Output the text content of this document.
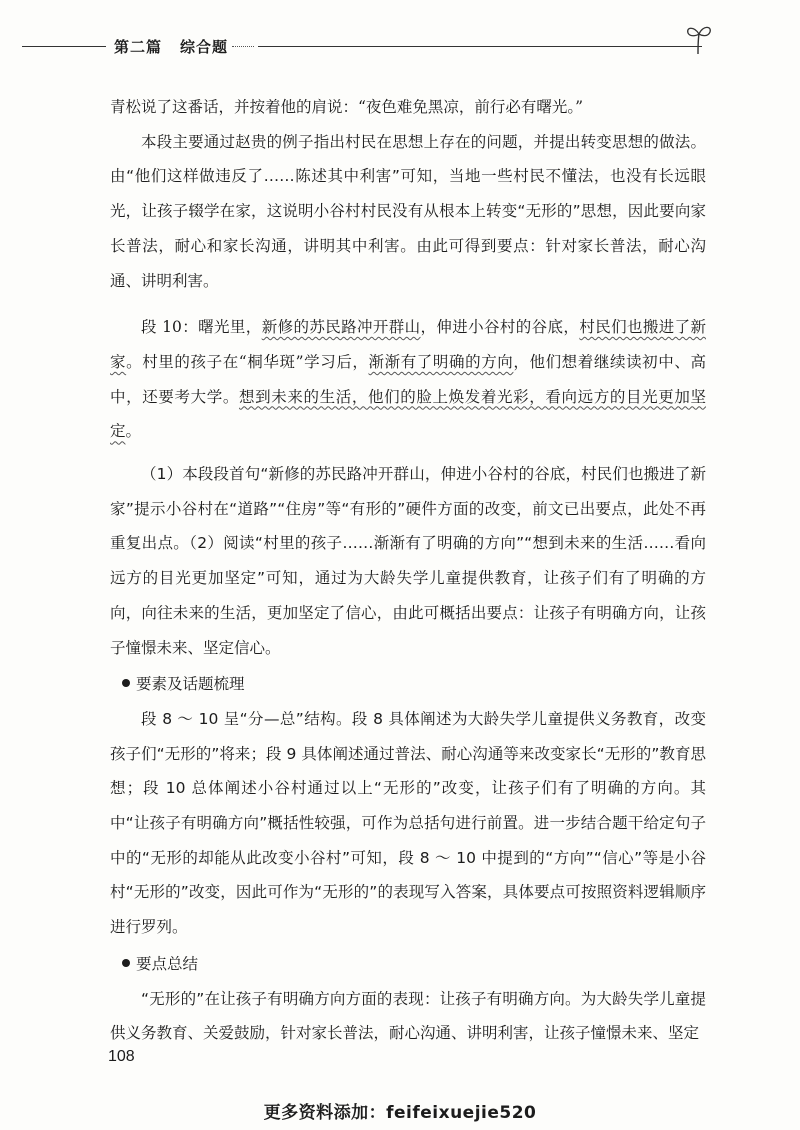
第二篇 综合题

青松说了这番话，并按着他的肩说：“夜色难免黑凉，前行必有曙光。”

本段主要通过赵贵的例子指出村民在思想上存在的问题，并提出转变思想的做法。由“他们这样做违反了……陈述其中利害”可知，当地一些村民不懂法，也没有长远眼光，让孩子辍学在家，这说明小谷村村民没有从根本上转变“无形的”思想，因此要向家长普法，耐心和家长沟通，讲明其中利害。由此可得到要点：针对家长普法，耐心沟通、讲明利害。

段 10：曙光里，新修的苏民路冲开群山，伸进小谷村的谷底，村民们也搬进了新家。村里的孩子在“桐华斑”学习后，渐渐有了明确的方向，他们想着继续读初中、高中，还要考大学。想到未来的生活，他们的脸上焕发着光彩，看向远方的目光更加坚定。

（1）本段段首句“新修的苏民路冲开群山，伸进小谷村的谷底，村民们也搬进了新家”提示小谷村在“道路”“住房”等“有形的”硬件方面的改变，前文已出要点，此处不再重复出点。（2）阅读“村里的孩子……渐渐有了明确的方向”“想到未来的生活……看向远方的目光更加坚定”可知，通过为大龄失学儿童提供教育，让孩子们有了明确的方向，向往未来的生活，更加坚定了信心，由此可概括出要点：让孩子有明确方向，让孩子憧憬未来、坚定信心。

要素及话题梳理

段 8 ～ 10 呈“分—总”结构。段 8 具体阐述为大龄失学儿童提供义务教育，改变孩子们“无形的”将来；段 9 具体阐述通过普法、耐心沟通等来改变家长“无形的”教育思想；段 10 总体阐述小谷村通过以上“无形的”改变，让孩子们有了明确的方向。其中“让孩子有明确方向”概括性较强，可作为总括句进行前置。进一步结合题干给定句子中的“无形的却能从此改变小谷村”可知，段 8 ～ 10 中提到的“方向”“信心”等是小谷村“无形的”改变，因此可作为“无形的”的表现写入答案，具体要点可按照资料逻辑顺序进行罗列。

要点总结

“无形的”在让孩子有明确方向方面的表现：让孩子有明确方向。为大龄失学儿童提供义务教育、关爱鼓励，针对家长普法，耐心沟通、讲明利害，让孩子憧憬未来、坚定

108
更多资料添加：feifeixuejie520
